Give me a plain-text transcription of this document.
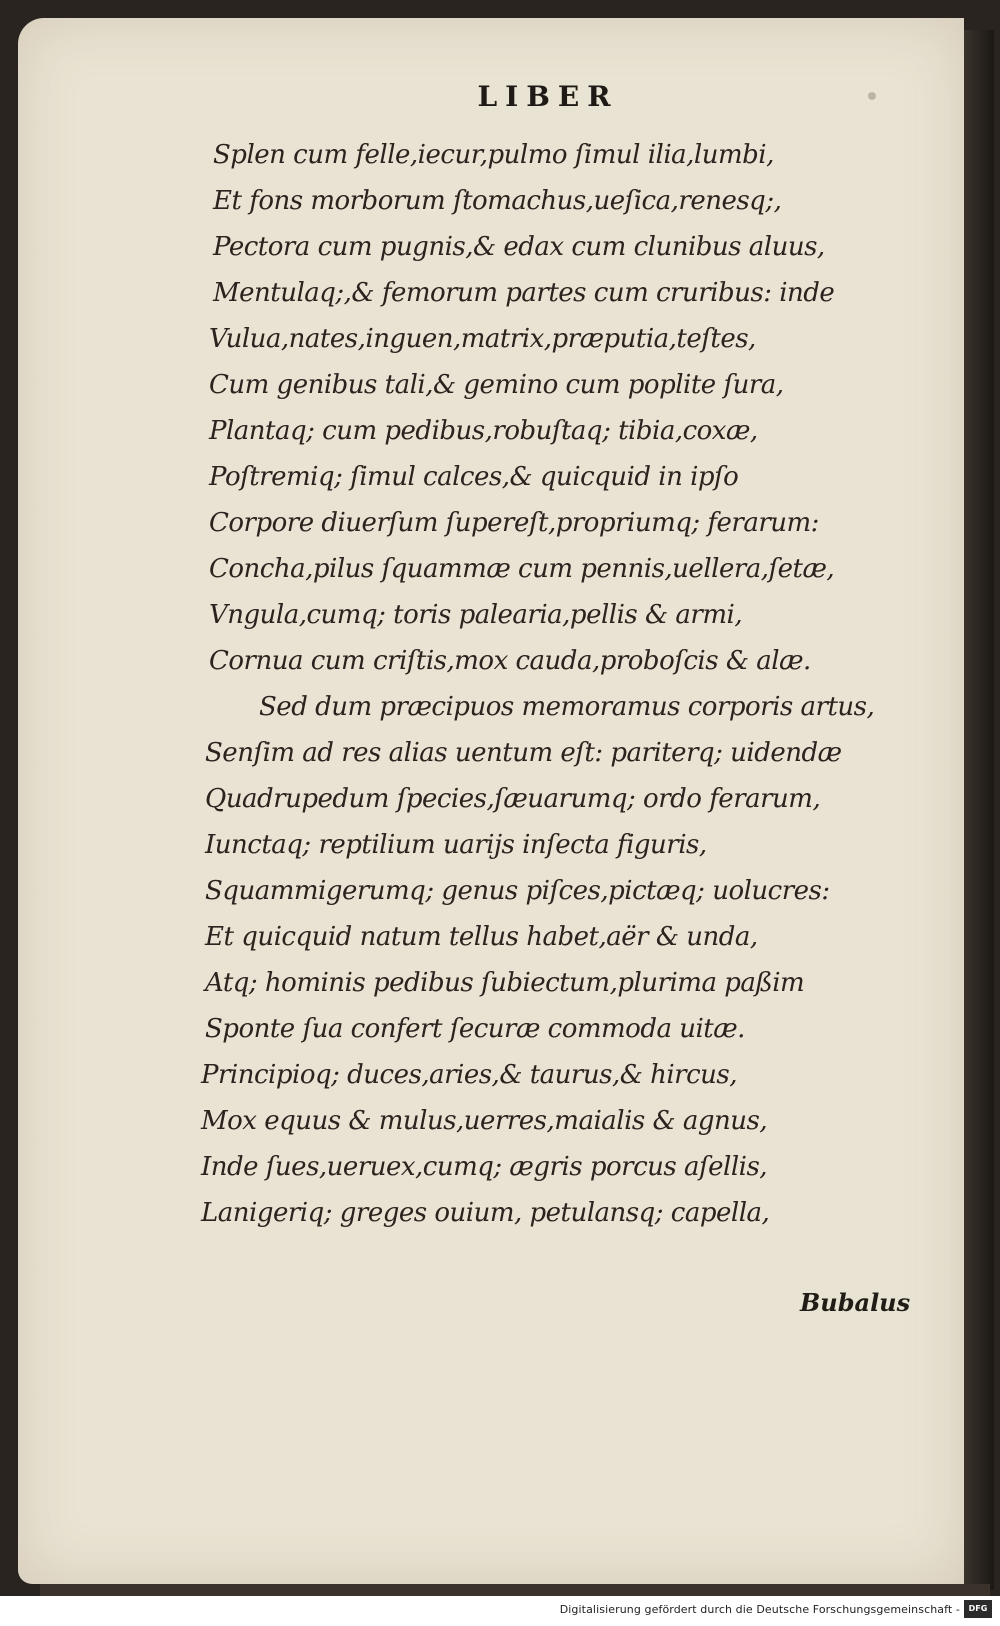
LIBER
Splen cum felle,iecur,pulmo ſimul ilia,lumbi,
Et fons morborum ſtomachus,ueſica,renesq;,
Pectora cum pugnis,& edax cum clunibus aluus,
Mentulaq;,& femorum partes cum cruribus: inde
Vulua,nates,inguen,matrix,præputia,teſtes,
Cum genibus tali,& gemino cum poplite ſura,
Plantaq; cum pedibus,robuſtaq; tibia,coxæ,
Poſtremiq; ſimul calces,& quicquid in ipſo
Corpore diuerſum ſupereſt,propriumq; ferarum:
Concha,pilus ſquammæ cum pennis,uellera,ſetæ,
Vngula,cumq; toris palearia,pellis & armi,
Cornua cum criſtis,mox cauda,proboſcis & alæ.
Sed dum præcipuos memoramus corporis artus,
Senſim ad res alias uentum eſt: pariterq; uidendæ
Quadrupedum ſpecies,ſæuarumq; ordo ferarum,
Iunctaq; reptilium uarijs inſecta figuris,
Squammigerumq; genus piſces,pictæq; uolucres:
Et quicquid natum tellus habet,aër & unda,
Atq; hominis pedibus ſubiectum,plurima paßim
Sponte ſua confert ſecuræ commoda uitæ.
Principioq; duces,aries,& taurus,& hircus,
Mox equus & mulus,uerres,maialis & agnus,
Inde ſues,ueruex,cumq; ægris porcus aſellis,
Lanigeriq; greges ouium, petulansq; capella,
Bubalus
Digitalisierung gefördert durch die Deutsche Forschungsgemeinschaft -	DFG
